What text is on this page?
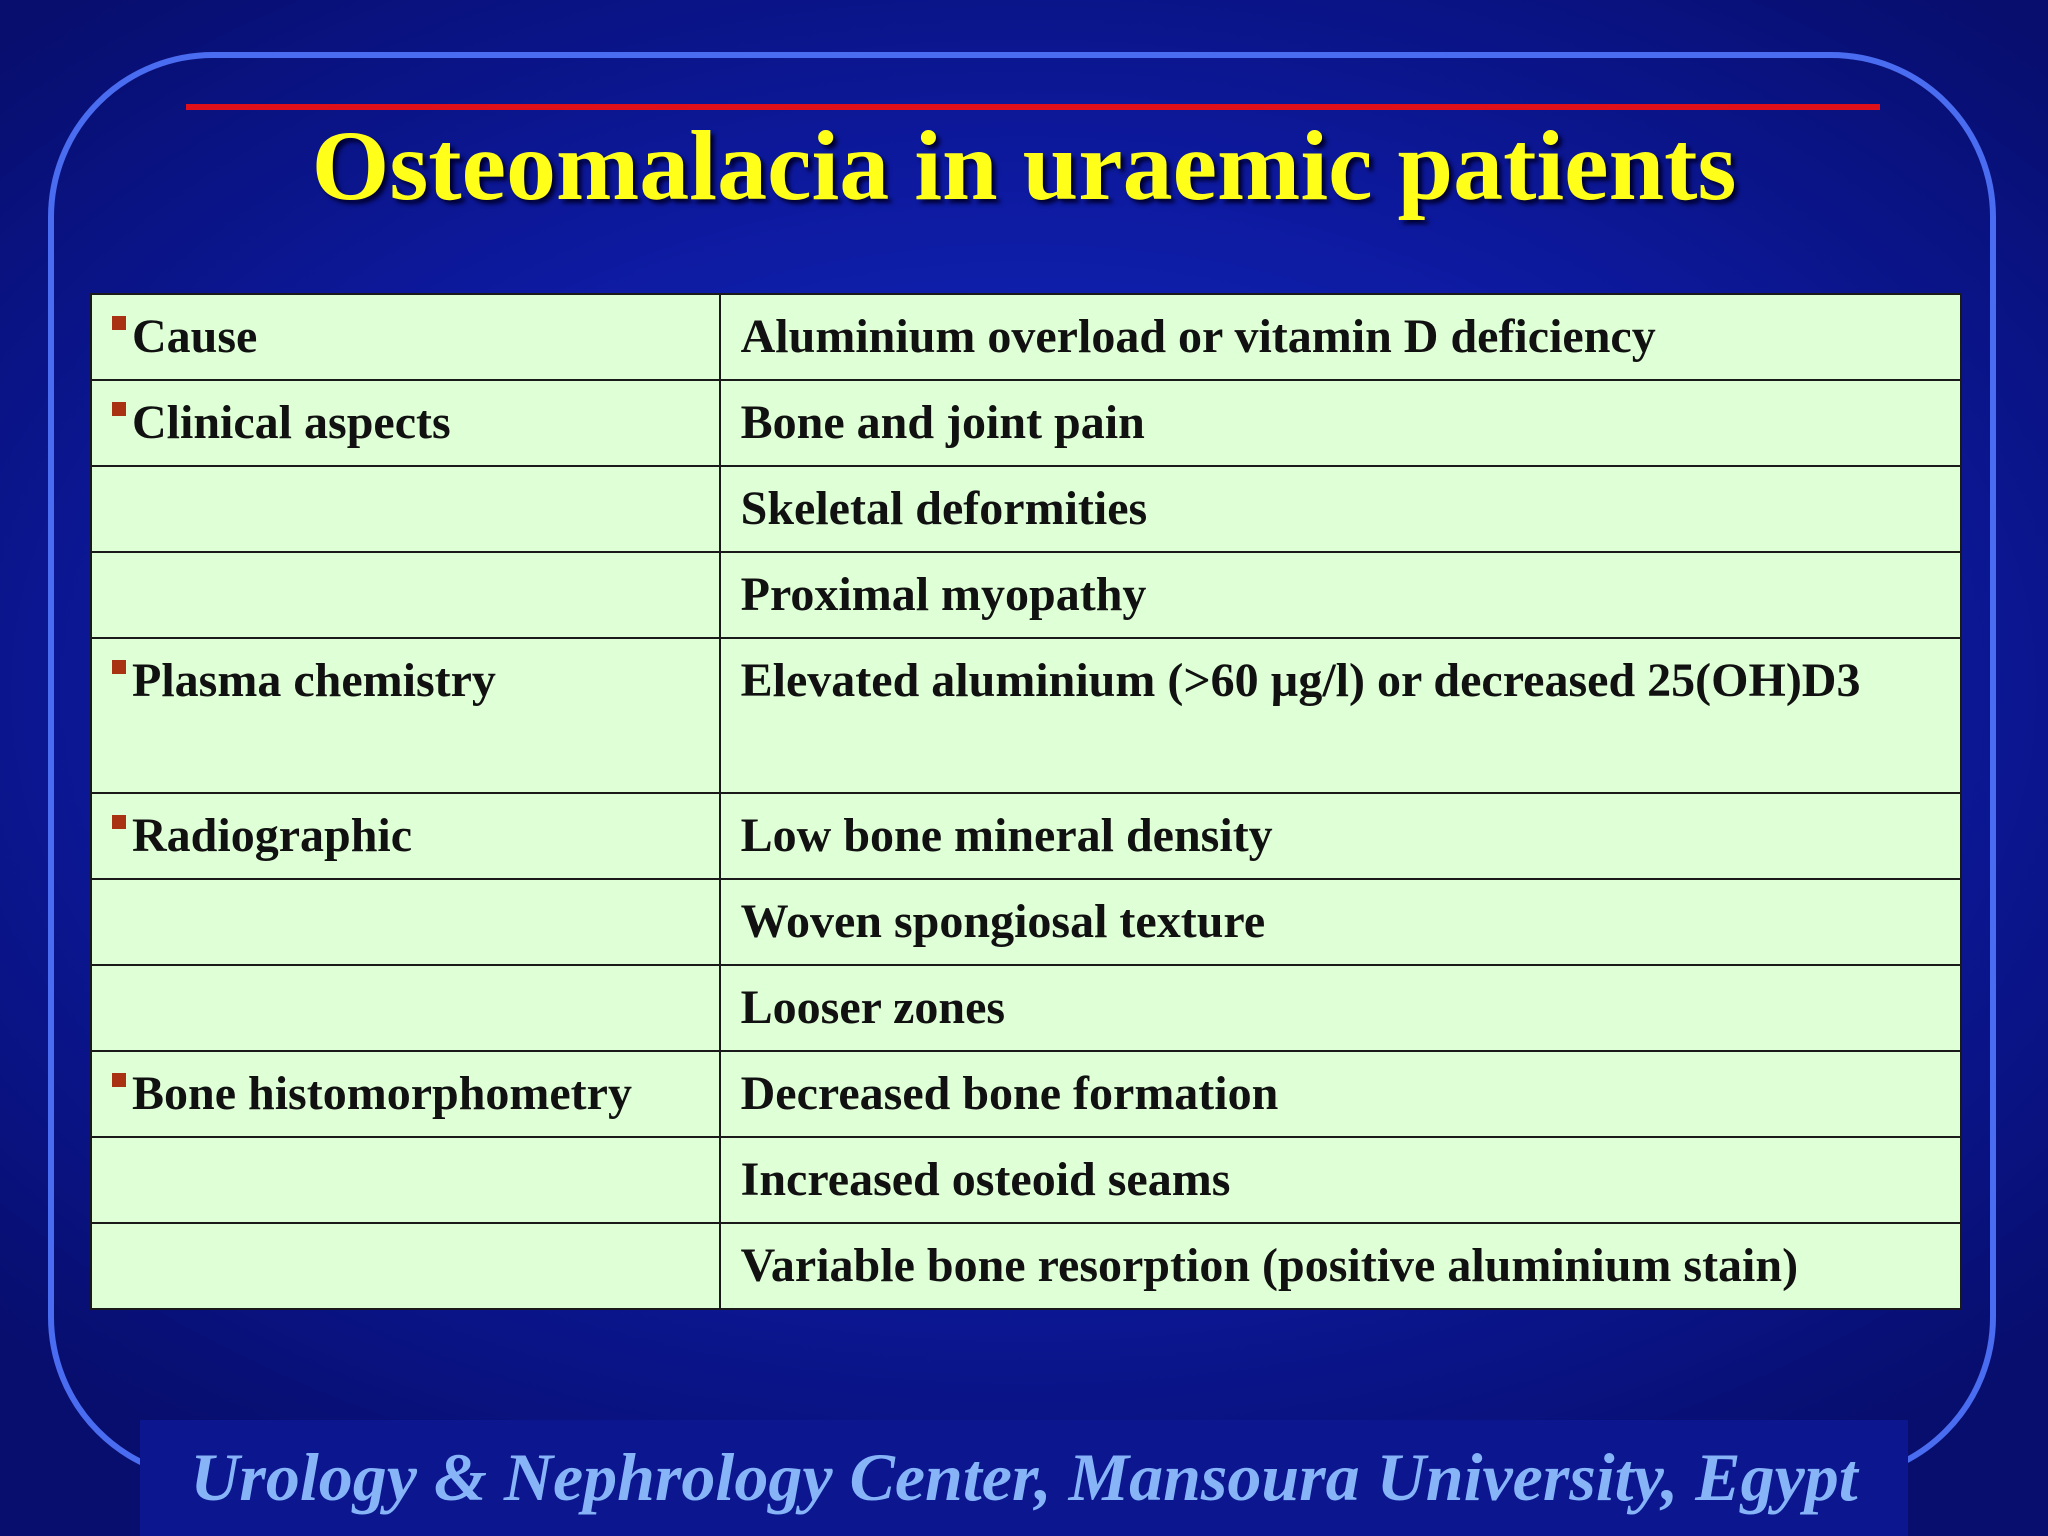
Osteomalacia in uraemic patients
Cause	Aluminium overload or vitamin D deficiency
Clinical aspects	Bone and joint pain
	Skeletal deformities
	Proximal myopathy
Plasma chemistry	Elevated aluminium (>60 µg/l) or decreased 25(OH)D3
Radiographic	Low bone mineral density
	Woven spongiosal texture
	Looser zones
Bone histomorphometry	Decreased bone formation
	Increased osteoid seams
	Variable bone resorption (positive aluminium stain)
Urology & Nephrology Center, Mansoura University, Egypt
